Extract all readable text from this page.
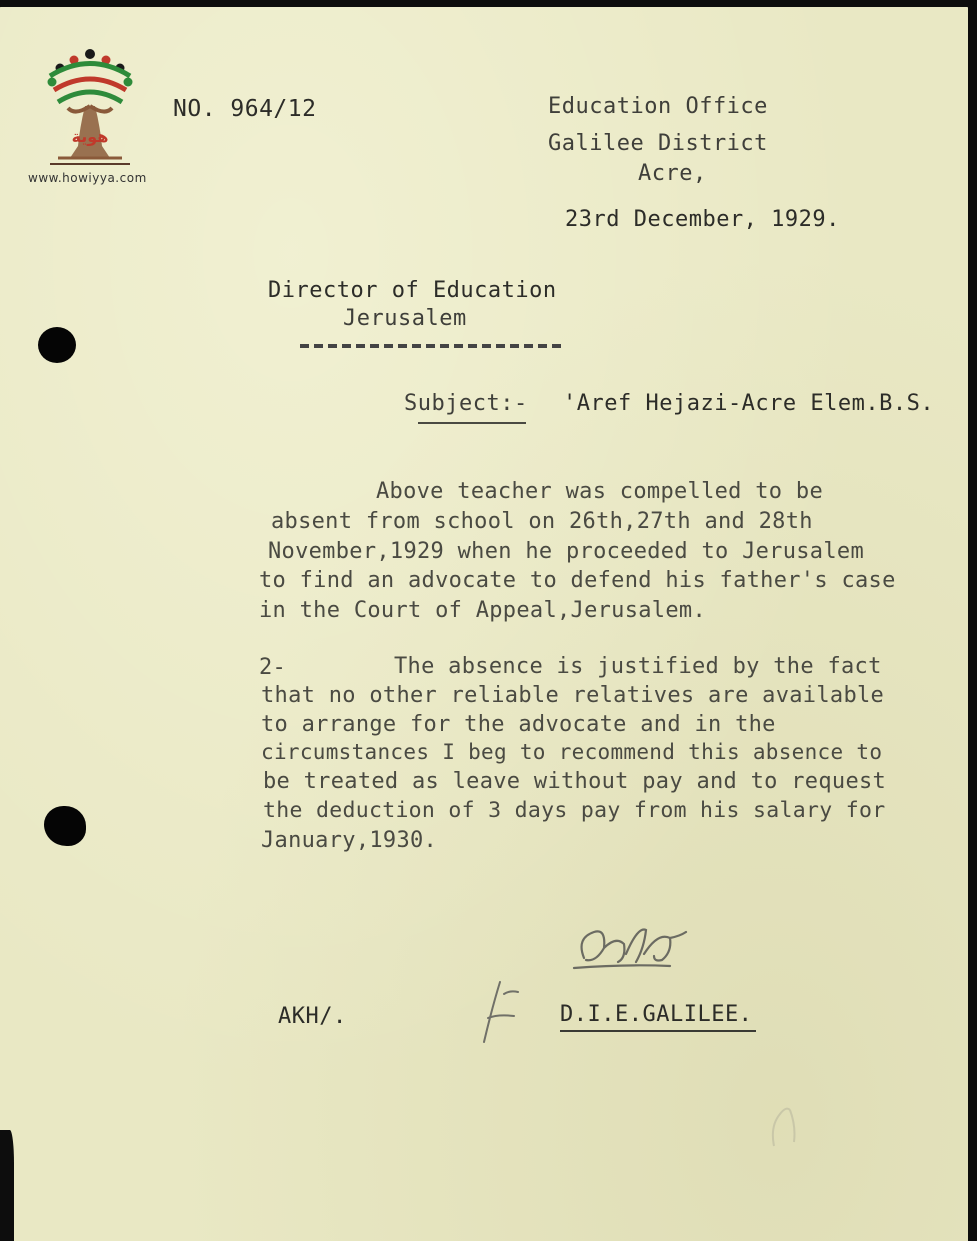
هوية
www.howiyya.com
NO. 964/12	Education Office
Galilee District
Acre,
23rd December, 1929.
Director of Education
Jerusalem
Subject:- 'Aref Hejazi-Acre Elem.B.S.
Above teacher was compelled to be
absent from school on 26th,27th and 28th
November,1929 when he proceeded to Jerusalem
to find an advocate to defend his father's case
in the Court of Appeal,Jerusalem.
2-	The absence is justified by the fact
that no other reliable relatives are available
to arrange for the advocate and in the
circumstances I beg to recommend this absence to
be treated as leave without pay and to request
the deduction of 3 days pay from his salary for
January,1930.
AKH/.	D.I.E.GALILEE.
